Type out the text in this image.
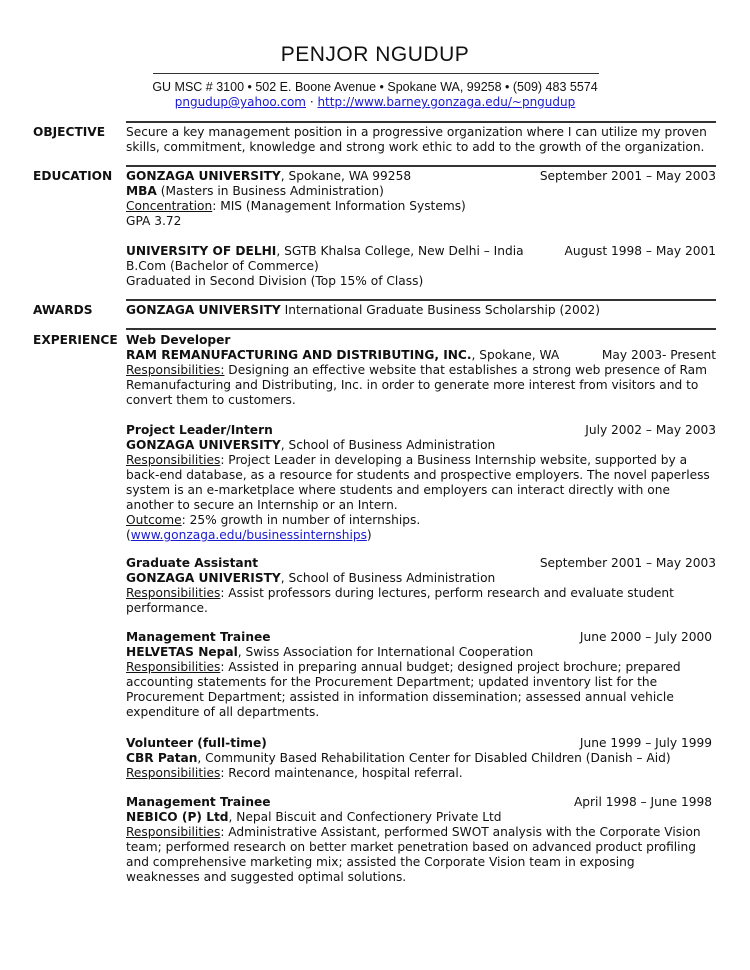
PENJOR NGUDUP
GU MSC # 3100 • 502 E. Boone Avenue • Spokane WA, 99258 • (509) 483 5574
pngudup@yahoo.com · http://www.barney.gonzaga.edu/~pngudup
OBJECTIVE Secure a key management position in a progressive organization where I can utilize my proven
skills, commitment, knowledge and strong work ethic to add to the growth of the organization.
EDUCATION GONZAGA UNIVERSITY, Spokane, WA 99258	September 2001 – May 2003
MBA (Masters in Business Administration)
Concentration: MIS (Management Information Systems)
GPA 3.72
UNIVERSITY OF DELHI, SGTB Khalsa College, New Delhi – India	August 1998 – May 2001
B.Com (Bachelor of Commerce)
Graduated in Second Division (Top 15% of Class)
AWARDS	GONZAGA UNIVERSITY International Graduate Business Scholarship (2002)
EXPERIENCE Web Developer
RAM REMANUFACTURING AND DISTRIBUTING, INC., Spokane, WA	May 2003- Present
Responsibilities: Designing an effective website that establishes a strong web presence of Ram Remanufacturing and Distributing, Inc. in order to generate more interest from visitors and to convert them to customers.
Project Leader/Intern	July 2002 – May 2003
GONZAGA UNIVERSITY, School of Business Administration
Responsibilities: Project Leader in developing a Business Internship website, supported by a back-end database, as a resource for students and prospective employers. The novel paperless system is an e-marketplace where students and employers can interact directly with one another to secure an Internship or an Intern.
Outcome: 25% growth in number of internships.
(www.gonzaga.edu/businessinternships)
Graduate Assistant	September 2001 – May 2003
GONZAGA UNIVERISTY, School of Business Administration
Responsibilities: Assist professors during lectures, perform research and evaluate student performance.
Management Trainee	June 2000 – July 2000
HELVETAS Nepal, Swiss Association for International Cooperation
Responsibilities: Assisted in preparing annual budget; designed project brochure; prepared accounting statements for the Procurement Department; updated inventory list for the Procurement Department; assisted in information dissemination; assessed annual vehicle expenditure of all departments.
Volunteer (full-time)	June 1999 – July 1999
CBR Patan, Community Based Rehabilitation Center for Disabled Children (Danish – Aid)
Responsibilities: Record maintenance, hospital referral.
Management Trainee	April 1998 – June 1998
NEBICO (P) Ltd, Nepal Biscuit and Confectionery Private Ltd
Responsibilities: Administrative Assistant, performed SWOT analysis with the Corporate Vision team; performed research on better market penetration based on advanced product profiling and comprehensive marketing mix; assisted the Corporate Vision team in exposing weaknesses and suggested optimal solutions.
